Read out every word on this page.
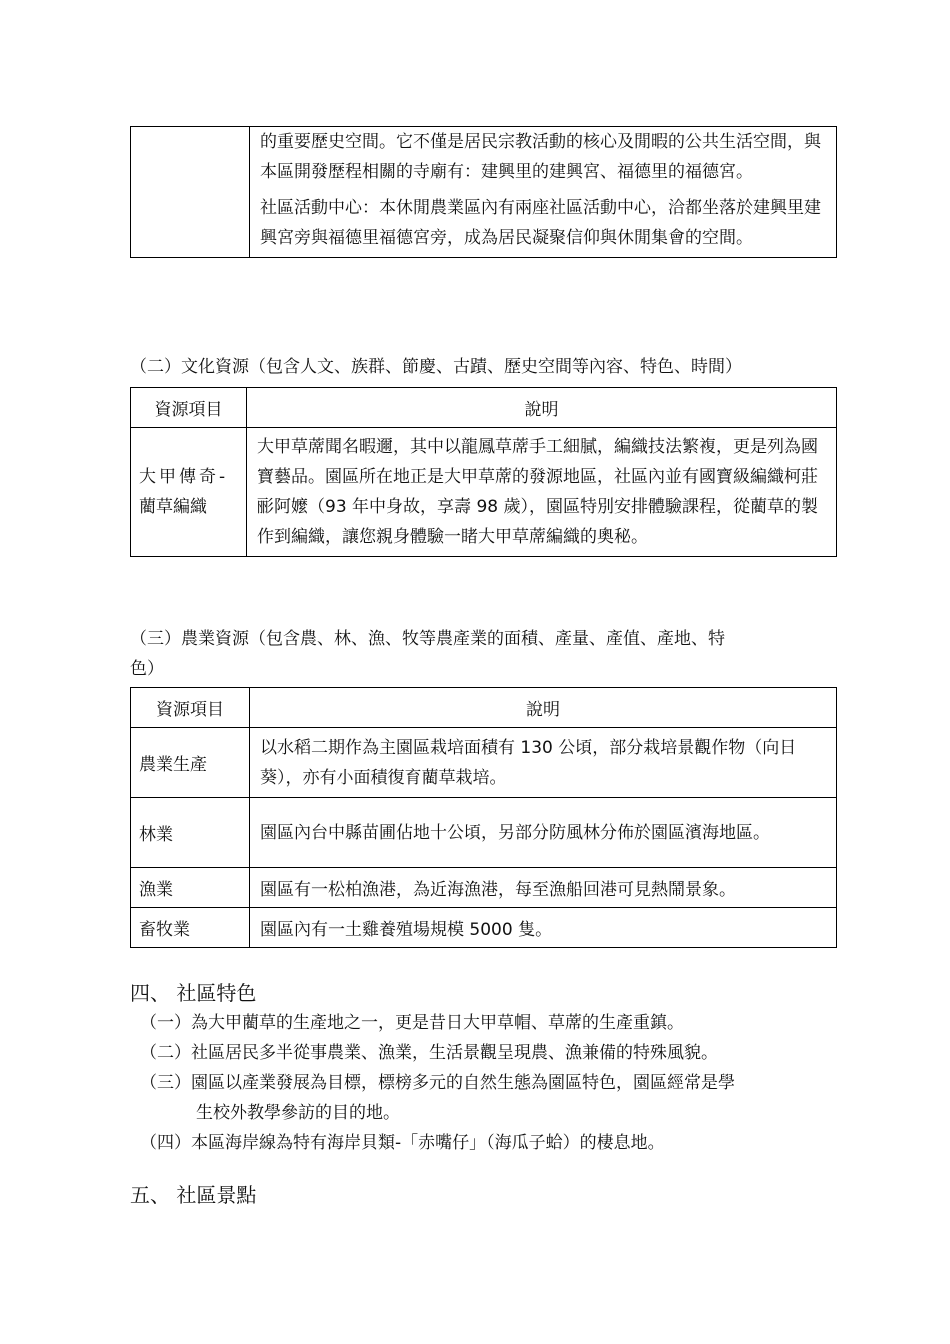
的重要歷史空間。它不僅是居民宗教活動的核心及閒暇的公共生活空間，與本區開發歷程相關的寺廟有：建興里的建興宮、福德里的福德宮。

社區活動中心：本休閒農業區內有兩座社區活動中心，洽都坐落於建興里建興宮旁與福德里福德宮旁，成為居民凝聚信仰與休閒集會的空間。

（二）文化資源（包含人文、族群、節慶、古蹟、歷史空間等內容、特色、時間）
資源項目	說明

大甲傳奇-
藺草編織	大甲草蓆聞名暇邇，其中以龍鳳草蓆手工細膩，編織技法繁複，更是列為國寶藝品。園區所在地正是大甲草蓆的發源地區，社區內並有國寶級編織柯莊彨阿嬤（93 年中身故，享壽 98 歲），園區特別安排體驗課程，從藺草的製作到編織，讓您親身體驗一睹大甲草蓆編織的奧秘。

（三）農業資源（包含農、林、漁、牧等農產業的面積、產量、產值、產地、特
色）
資源項目	說明
農業生產	以水稻二期作為主園區栽培面積有 130 公頃，部分栽培景觀作物（向日葵），亦有小面積復育藺草栽培。

林業	園區內台中縣苗圃佔地十公頃，另部分防風林分佈於園區濱海地區。

漁業	園區有一松柏漁港，為近海漁港，每至漁船回港可見熱鬧景象。
畜牧業	園區內有一土雞養殖場規模 5000 隻。
四、 社區特色
（一）為大甲藺草的生產地之一，更是昔日大甲草帽、草蓆的生產重鎮。
（二）社區居民多半從事農業、漁業，生活景觀呈現農、漁兼備的特殊風貌。
（三）園區以產業發展為目標，標榜多元的自然生態為園區特色，園區經常是學
生校外教學參訪的目的地。
（四）本區海岸線為特有海岸貝類-「赤嘴仔」（海瓜子蛤）的棲息地。
五、 社區景點
